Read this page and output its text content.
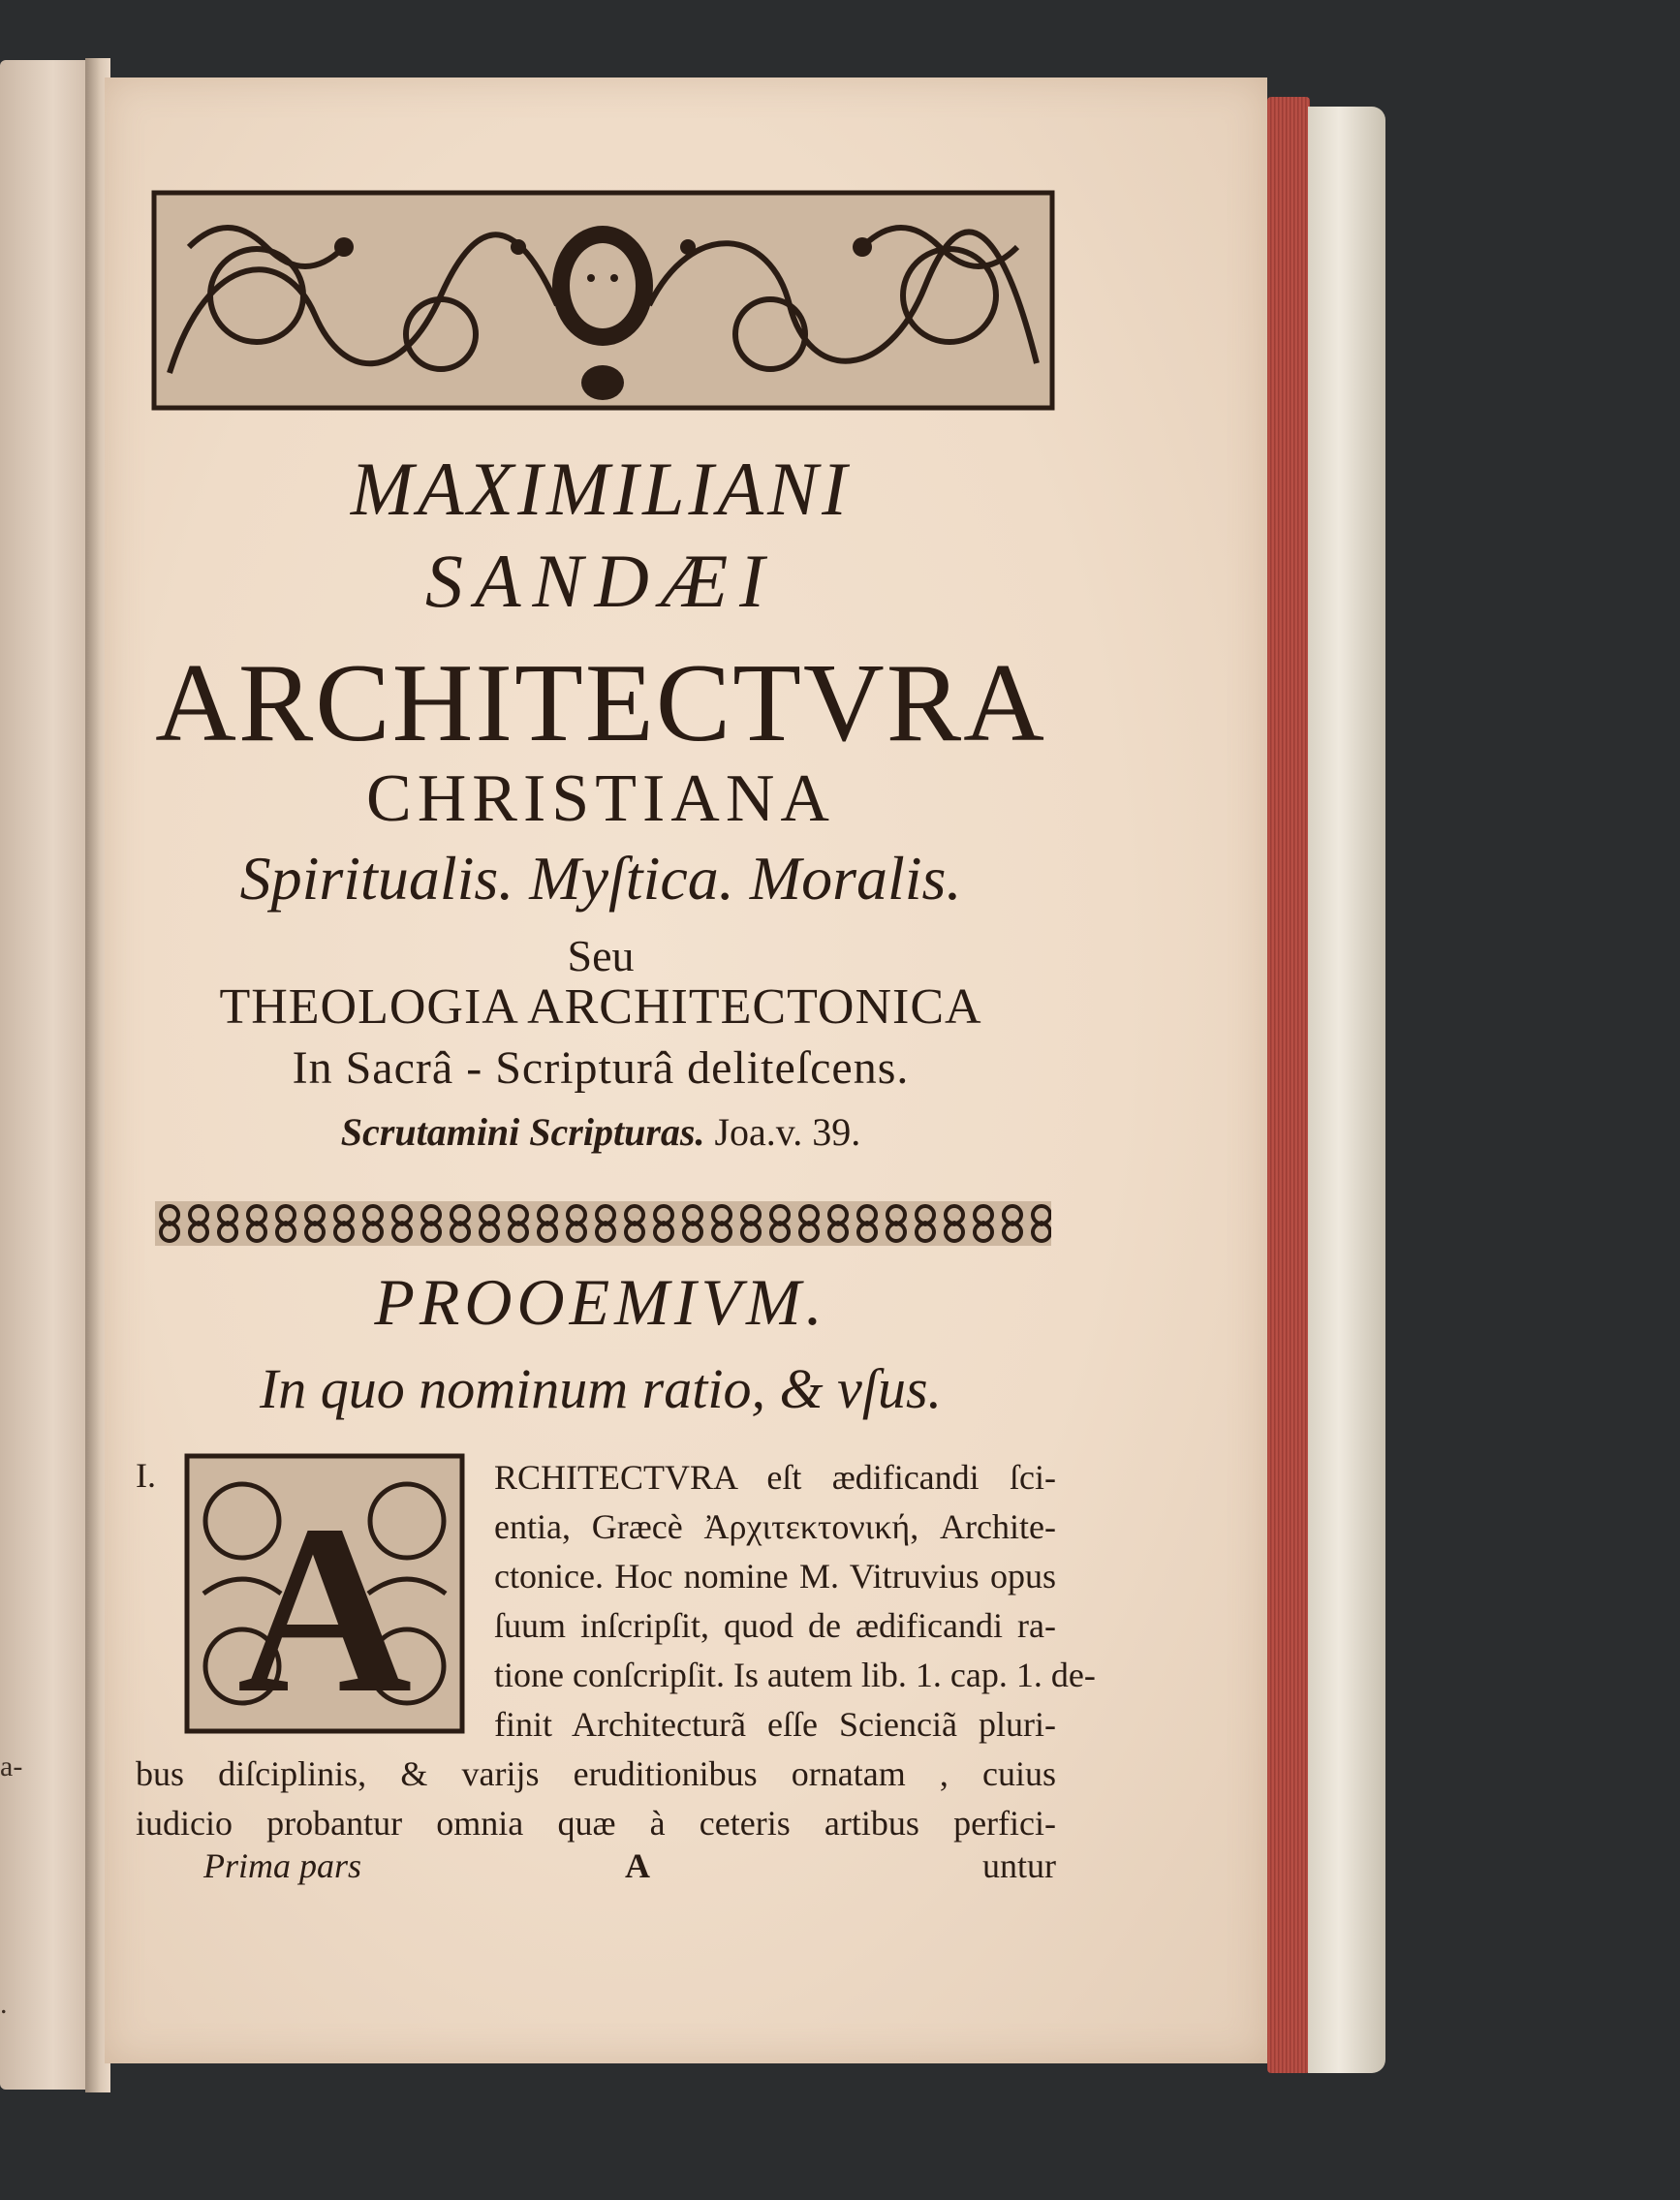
a-
.
MAXIMILIANI
SANDÆI
ARCHITECTVRA
CHRISTIANA
Spiritualis. Myſtica. Moralis.
Seu
THEOLOGIA ARCHITECTONICA
In Sacrâ - Scripturâ deliteſcens.
Scrutamini Scripturas. Joa.v. 39.
PROOEMIVM.
In quo nominum ratio, & vſus.
I. A RCHITECTVRA eſt ædificandi ſci-
entia, Græcè Ἀρχιτεκτονική, Archite-
ctonice. Hoc nomine M. Vitruvius opus
ſuum inſcripſit, quod de ædificandi ra-
tione conſcripſit. Is autem lib. 1. cap. 1. de-
finit Architecturã eſſe Scienciã pluri-
bus diſciplinis, & varijs eruditionibus ornatam , cuius
iudicio probantur omnia quæ à ceteris artibus perfici-
Prima pars	A	untur
